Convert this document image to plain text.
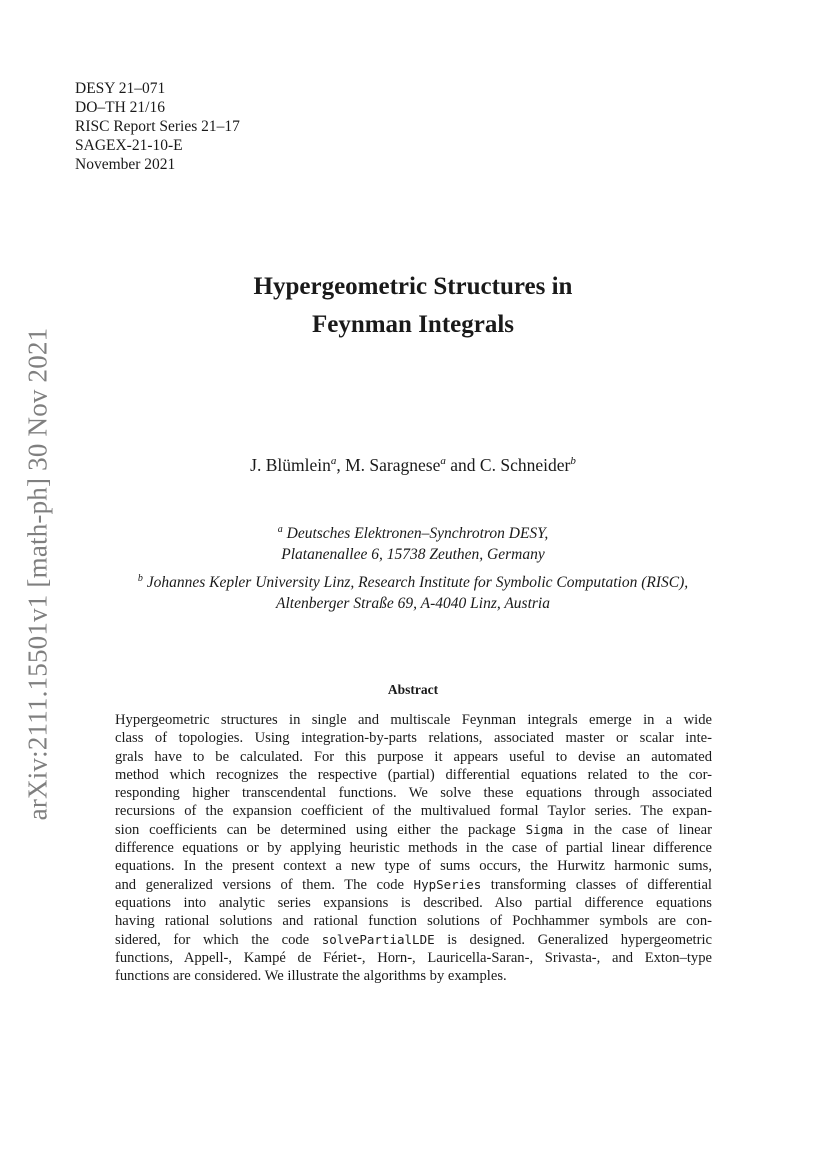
DESY 21–071
DO–TH 21/16
RISC Report Series 21–17
SAGEX-21-10-E
November 2021
arXiv:2111.15501v1 [math-ph] 30 Nov 2021
Hypergeometric Structures in
Feynman Integrals
J. Blümlein$^a$, M. Saragnese$^a$ and C. Schneider$^b$
$^a$ Deutsches Elektronen–Synchrotron DESY,
Platanenallee 6, 15738 Zeuthen, Germany
$^b$ Johannes Kepler University Linz, Research Institute for Symbolic Computation (RISC),
Altenberger Straße 69, A-4040 Linz, Austria
Abstract
Hypergeometric structures in single and multiscale Feynman integrals emerge in a wide
class of topologies. Using integration-by-parts relations, associated master or scalar inte-
grals have to be calculated. For this purpose it appears useful to devise an automated
method which recognizes the respective (partial) differential equations related to the cor-
responding higher transcendental functions. We solve these equations through associated
recursions of the expansion coefficient of the multivalued formal Taylor series. The expan-
sion coefficients can be determined using either the package Sigma in the case of linear
difference equations or by applying heuristic methods in the case of partial linear difference
equations. In the present context a new type of sums occurs, the Hurwitz harmonic sums,
and generalized versions of them. The code HypSeries transforming classes of differential
equations into analytic series expansions is described. Also partial difference equations
having rational solutions and rational function solutions of Pochhammer symbols are con-
sidered, for which the code solvePartialLDE is designed. Generalized hypergeometric
functions, Appell-, Kampé de Fériet-, Horn-, Lauricella-Saran-, Srivasta-, and Exton–type
functions are considered. We illustrate the algorithms by examples.
